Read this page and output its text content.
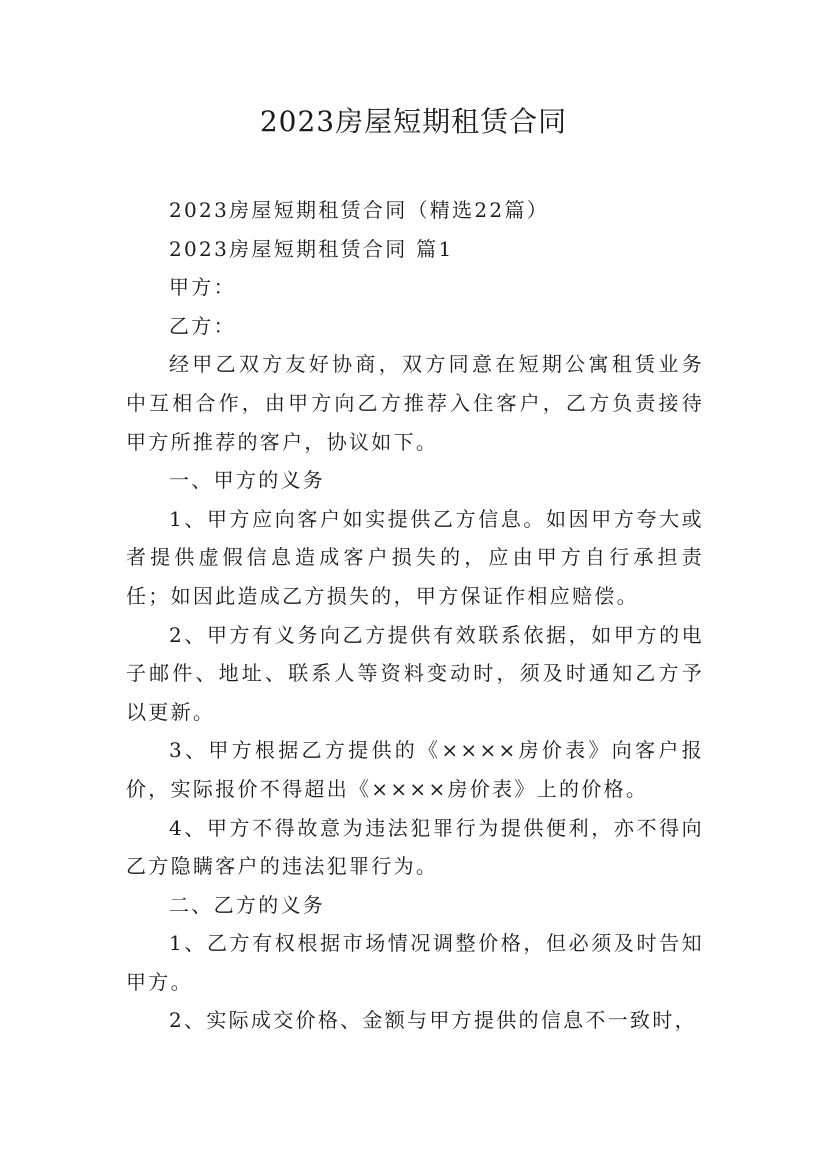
2023房屋短期租赁合同

2023房屋短期租赁合同（精选22篇）

2023房屋短期租赁合同 篇1

甲方：

乙方：

经甲乙双方友好协商，双方同意在短期公寓租赁业务中互相合作，由甲方向乙方推荐入住客户，乙方负责接待甲方所推荐的客户，协议如下。

一、甲方的义务

1、甲方应向客户如实提供乙方信息。如因甲方夸大或者提供虚假信息造成客户损失的，应由甲方自行承担责任；如因此造成乙方损失的，甲方保证作相应赔偿。

2、甲方有义务向乙方提供有效联系依据，如甲方的电子邮件、地址、联系人等资料变动时，须及时通知乙方予以更新。

3、甲方根据乙方提供的《××××房价表》向客户报价，实际报价不得超出《××××房价表》上的价格。

4、甲方不得故意为违法犯罪行为提供便利，亦不得向乙方隐瞒客户的违法犯罪行为。

二、乙方的义务

1、乙方有权根据市场情况调整价格，但必须及时告知甲方。

2、实际成交价格、金额与甲方提供的信息不一致时，
